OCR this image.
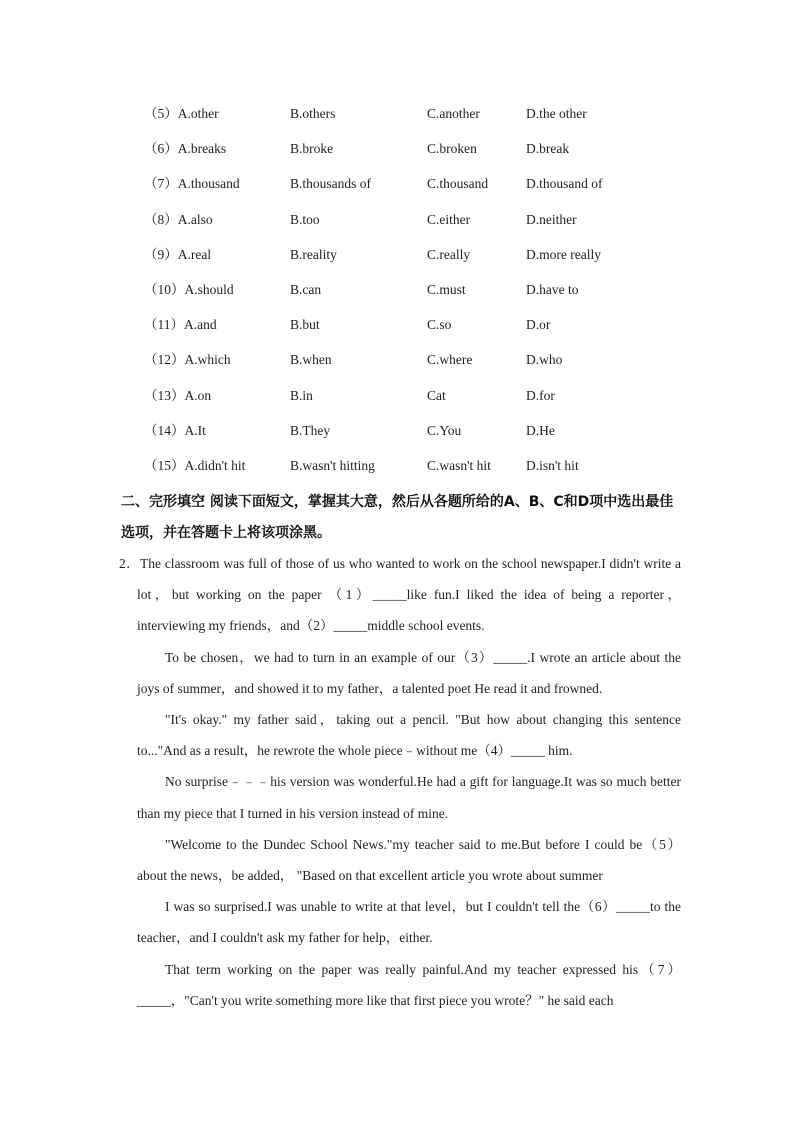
（5）A.other	B.others	C.another	D.the other
（6）A.breaks	B.broke	C.broken	D.break
（7）A.thousand	B.thousands of	C.thousand	D.thousand of
（8）A.also	B.too	C.either	D.neither
（9）A.real	B.reality	C.really	D.more really
（10）A.should	B.can	C.must	D.have to
（11）A.and	B.but	C.so	D.or
（12）A.which	B.when	C.where	D.who
（13）A.on	B.in	Cat	D.for
（14）A.It	B.They	C.You	D.He
（15）A.didn't hit	B.wasn't hitting	C.wasn't hit	D.isn't hit
二、完形填空 阅读下面短文，掌握其大意，然后从各题所给的A、B、C和D项中选出最佳选项，并在答题卡上将该项涂黑。

2．The classroom was full of those of us who wanted to work on the school newspaper.I didn't write a lot，but working on the paper （1）_____like fun.I liked the idea of being a reporter，interviewing my friends，and（2）_____middle school events.

To be chosen，we had to turn in an example of our（3）_____.I wrote an article about the joys of summer，and showed it to my father，a talented poet He read it and frowned.

"It's okay." my father said，taking out a pencil. "But how about changing this sentence to..."And as a result，he rewrote the whole piece﹣without me（4）_____ him.

No surprise﹣﹣﹣his version was wonderful.He had a gift for language.It was so much better than my piece that I turned in his version instead of mine.

"Welcome to the Dundec School News."my teacher said to me.But before I could be（5）about the news，be added， "Based on that excellent article you wrote about summer

I was so surprised.I was unable to write at that level，but I couldn't tell the（6）_____to the teacher，and I couldn't ask my father for help，either.

That term working on the paper was really painful.And my teacher expressed his（7）_____，"Can't you write something more like that first piece you wrote？" he said each
